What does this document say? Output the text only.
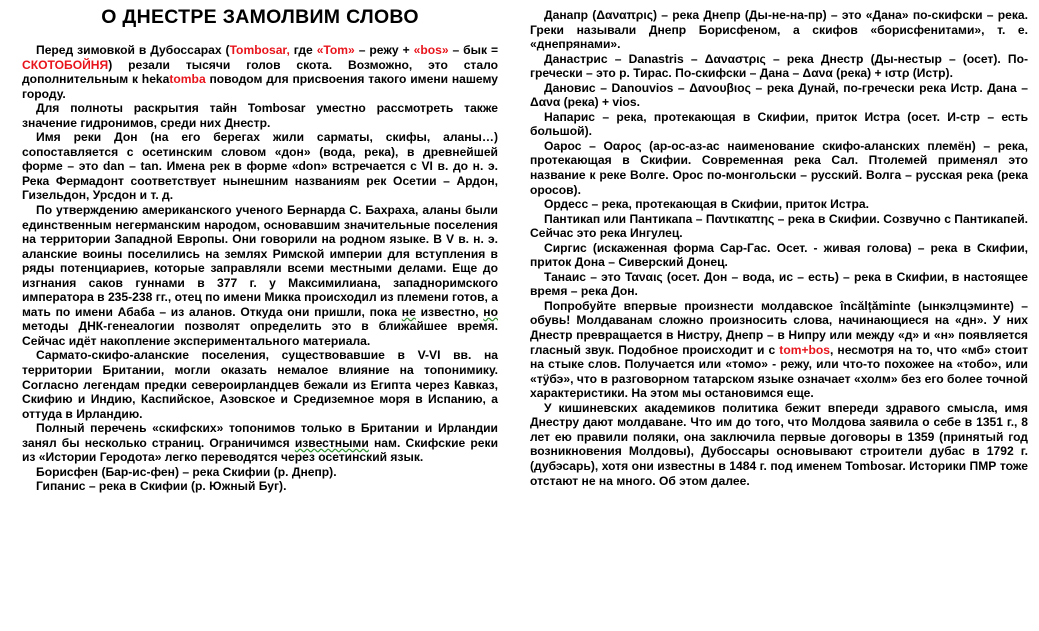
О ДНЕСТРЕ ЗАМОЛВИМ СЛОВО

Перед зимовкой в Дубоссарах (Tombosar, где «Tom» – режу + «bos» – бык = СКОТОБОЙНЯ) резали тысячи голов скота. Возможно, это стало дополнительным к hekatomba поводом для присвоения такого имени нашему городу.

Для полноты раскрытия тайн Tombosar уместно рассмотреть также значение гидронимов, среди них Днестр.

Имя реки Дон (на его берегах жили сарматы, скифы, аланы…) сопоставляется с осетинским словом «дон» (вода, река), в древнейшей форме – это dan – tan. Имена рек в форме «don» встречается с VI в. до н. э. Река Фермадонт соответствует нынешним названиям рек Осетии – Ардон, Гизельдон, Урсдон и т. д.

По утверждению американского ученого Бернарда С. Бахраха, аланы были единственным негерманским народом, основавшим значительные поселения на территории Западной Европы. Они говорили на родном языке. В V в. н. э. аланские воины поселились на землях Римской империи для вступления в ряды потенциариев, которые заправляли всеми местными делами. Еще до изгнания саков гуннами в 377 г. у Максимилиана, западноримского императора в 235-238 гг., отец по имени Микка происходил из племени готов, а мать по имени Абаба – из аланов. Откуда они пришли, пока не известно, но методы ДНК-генеалогии позволят определить это в ближайшее время. Сейчас идёт накопление экспериментального материала.

Сармато-скифо-аланские поселения, существовавшие в V-VI вв. на территории Британии, могли оказать немалое влияние на топонимику. Согласно легендам предки североирландцев бежали из Египта через Кавказ, Скифию и Индию, Каспийское, Азовское и Средиземное моря в Испанию, а оттуда в Ирландию.

Полный перечень «скифских» топонимов только в Британии и Ирландии занял бы несколько страниц. Ограничимся известными нам. Скифские реки из «Истории Геродота» легко переводятся через осетинский язык.

Борисфен (Бар-ис-фен) – река Скифии (р. Днепр).

Гипанис – река в Скифии (р. Южный Буг).

Данапр (Δαναπρις) – река Днепр (Ды-не-на-пр) – это «Дана» по-скифски – река. Греки называли Днепр Борисфеном, а скифов «борисфенитами», т. е. «днепрянами».

Данастрис – Danastris – Δαναστρις – река Днестр (Ды-нестыр – (осет). По-гречески – это р. Тирас. По-скифски – Дана – Δανα (река) + ιστρ (Истр).

Дановис – Danouvios – Δανουβιος – река Дунай, по-гречески река Истр. Дана – Δανα (река) + vios.

Напарис – река, протекающая в Скифии, приток Истра (осет. И-стр – есть большой).

Оарос – Οαρος (ар-ос-аз-ас наименование скифо-аланских племён) – река, протекающая в Скифии. Современная река Сал. Птолемей применял это название к реке Волге. Орос по-монгольски – русский. Волга – русская река (река оросов).

Ордесс – река, протекающая в Скифии, приток Истра.

Пантикап или Пантикапа – Παντικαπης – река в Скифии. Созвучно с Пантикапей. Сейчас это река Ингулец.

Сиргис (искаженная форма Сар-Гас. Осет. - живая голова) – река в Скифии, приток Дона – Сиверский Донец.

Танаис – это Ταναις (осет. Дон – вода, ис – есть) – река в Скифии, в настоящее время – река Дон.

Попробуйте впервые произнести молдавское încălțăminte (ынкэлцэминте) – обувь! Молдаванам сложно произносить слова, начинающиеся на «дн». У них Днестр превращается в Нистру, Днепр – в Нипру или между «д» и «н» появляется гласный звук. Подобное происходит и с tom+bos, несмотря на то, что «мб» стоит на стыке слов. Получается или «томо» - режу, или что-то похожее на «тобо», или «тÿбэ», что в разговорном татарском языке означает «холм» без его более точной характеристики. На этом мы остановимся еще.

У кишиневских академиков политика бежит впереди здравого смысла, имя Днестру дают молдаване. Что им до того, что Молдова заявила о себе в 1351 г., 8 лет ею правили поляки, она заключила первые договоры в 1359 (принятый год возникновения Молдовы), Дубоссары основывают строители дубас в 1792 г. (дубэсарь), хотя они известны в 1484 г. под именем Tombosar. Историки ПМР тоже отстают не на много. Об этом далее.
